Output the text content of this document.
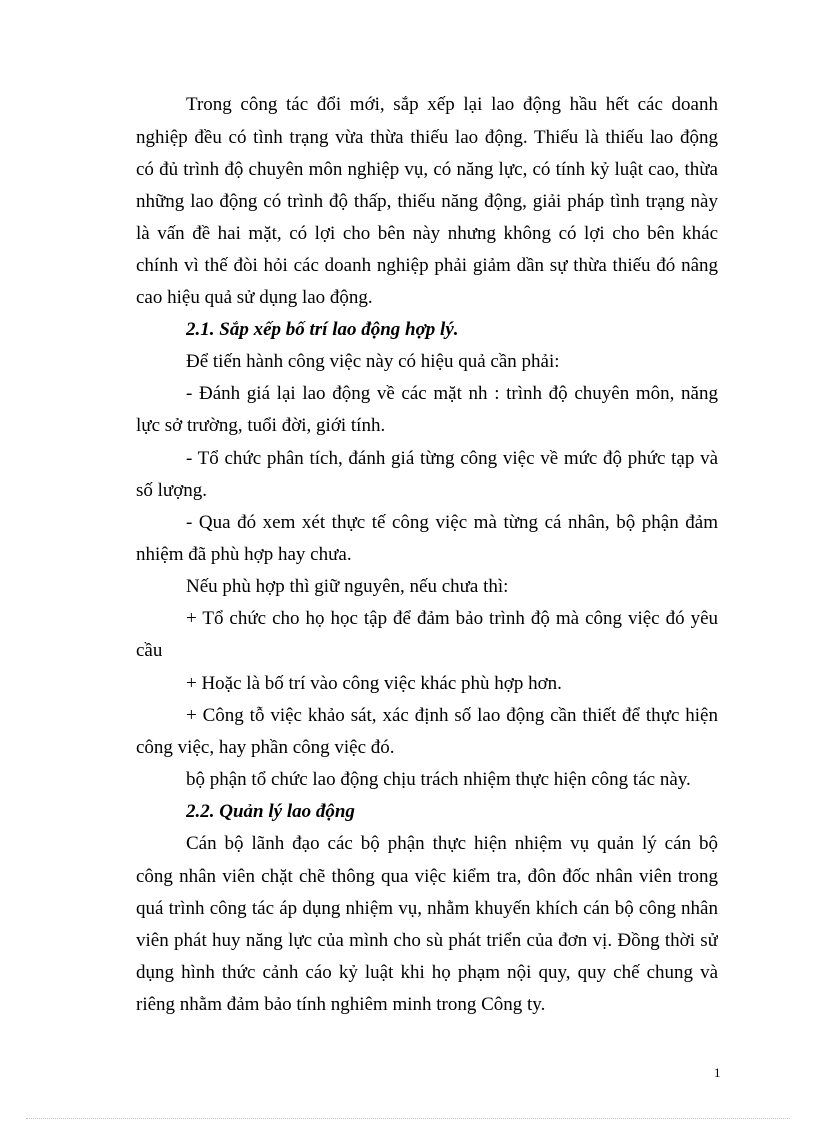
Trong công tác đổi mới, sắp xếp lại lao động hầu hết các doanh
nghiệp đều có tình trạng vừa thừa thiếu lao động. Thiếu là thiếu lao động
có đủ trình độ chuyên môn nghiệp vụ, có năng lực, có tính kỷ luật cao, thừa
những lao động có trình độ thấp, thiếu năng động, giải pháp tình trạng này
là vấn đề hai mặt, có lợi cho bên này nhưng không có lợi cho bên khác
chính vì thế đòi hỏi các doanh nghiệp phải giảm dần sự thừa thiếu đó nâng
cao hiệu quả sử dụng lao động.
2.1. Sắp xếp bố trí lao động hợp lý.
Để tiến hành công việc này có hiệu quả cần phải:
- Đánh giá lại lao động về các mặt nh : trình độ chuyên môn, năng
lực sở trường, tuổi đời, giới tính.
- Tổ chức phân tích, đánh giá từng công việc về mức độ phức tạp và
số lượng.
- Qua đó xem xét thực tế công việc mà từng cá nhân, bộ phận đảm
nhiệm đã phù hợp hay chưa.
Nếu phù hợp thì giữ nguyên, nếu chưa thì:
+ Tổ chức cho họ học tập để đảm bảo trình độ mà công việc đó yêu
cầu
+ Hoặc là bố trí vào công việc khác phù hợp hơn.
+ Công tỗ việc khảo sát, xác định số lao động cần thiết để thực hiện
công việc, hay phần công việc đó.
bộ phận tổ chức lao động chịu trách nhiệm thực hiện công tác này.
2.2. Quản lý lao động
Cán bộ lãnh đạo các bộ phận thực hiện nhiệm vụ quản lý cán bộ
công nhân viên chặt chẽ thông qua việc kiểm tra, đôn đốc nhân viên trong
quá trình công tác áp dụng nhiệm vụ, nhằm khuyến khích cán bộ công nhân
viên phát huy năng lực của mình cho sù phát triển của đơn vị. Đồng thời sử
dụng hình thức cảnh cáo kỷ luật khi họ phạm nội quy, quy chế chung và
riêng nhằm đảm bảo tính nghiêm minh trong Công ty.
1
